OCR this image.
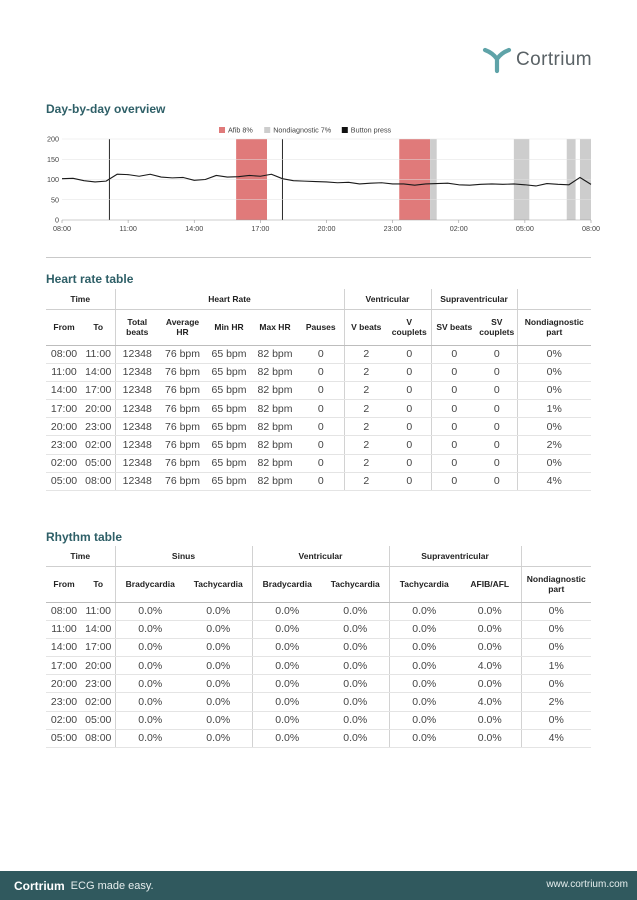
Cortrium
Day-by-day overview
200
150
100
50
0
08:00	11:00	14:00	17:00	20:00	23:00	02:00	05:00	08:00
Afib 8%	Nondiagnostic 7%	Button press
Heart rate table
Time		Heart Rate					Ventricular		Supraventricular		
From	To	Total beats	Average HR	Min HR	Max HR	Pauses	V beats	V couplets	SV beats	SV couplets	Nondiagnostic part
08:00	11:00	12348	76 bpm	65 bpm	82 bpm	0	2	0	0	0	0%
11:00	14:00	12348	76 bpm	65 bpm	82 bpm	0	2	0	0	0	0%
14:00	17:00	12348	76 bpm	65 bpm	82 bpm	0	2	0	0	0	0%
17:00	20:00	12348	76 bpm	65 bpm	82 bpm	0	2	0	0	0	1%
20:00	23:00	12348	76 bpm	65 bpm	82 bpm	0	2	0	0	0	0%
23:00	02:00	12348	76 bpm	65 bpm	82 bpm	0	2	0	0	0	2%
02:00	05:00	12348	76 bpm	65 bpm	82 bpm	0	2	0	0	0	0%
05:00	08:00	12348	76 bpm	65 bpm	82 bpm	0	2	0	0	0	4%
Rhythm table
Time		Sinus		Ventricular		Supraventricular		
From	To	Bradycardia	Tachycardia	Bradycardia	Tachycardia	Tachycardia	AFIB/AFL	Nondiagnostic part
08:00	11:00	0.0%	0.0%	0.0%	0.0%	0.0%	0.0%	0%
11:00	14:00	0.0%	0.0%	0.0%	0.0%	0.0%	0.0%	0%
14:00	17:00	0.0%	0.0%	0.0%	0.0%	0.0%	0.0%	0%
17:00	20:00	0.0%	0.0%	0.0%	0.0%	0.0%	4.0%	1%
20:00	23:00	0.0%	0.0%	0.0%	0.0%	0.0%	0.0%	0%
23:00	02:00	0.0%	0.0%	0.0%	0.0%	0.0%	4.0%	2%
02:00	05:00	0.0%	0.0%	0.0%	0.0%	0.0%	0.0%	0%
05:00	08:00	0.0%	0.0%	0.0%	0.0%	0.0%	0.0%	4%
Cortrium ECG made easy.	www.cortrium.com
